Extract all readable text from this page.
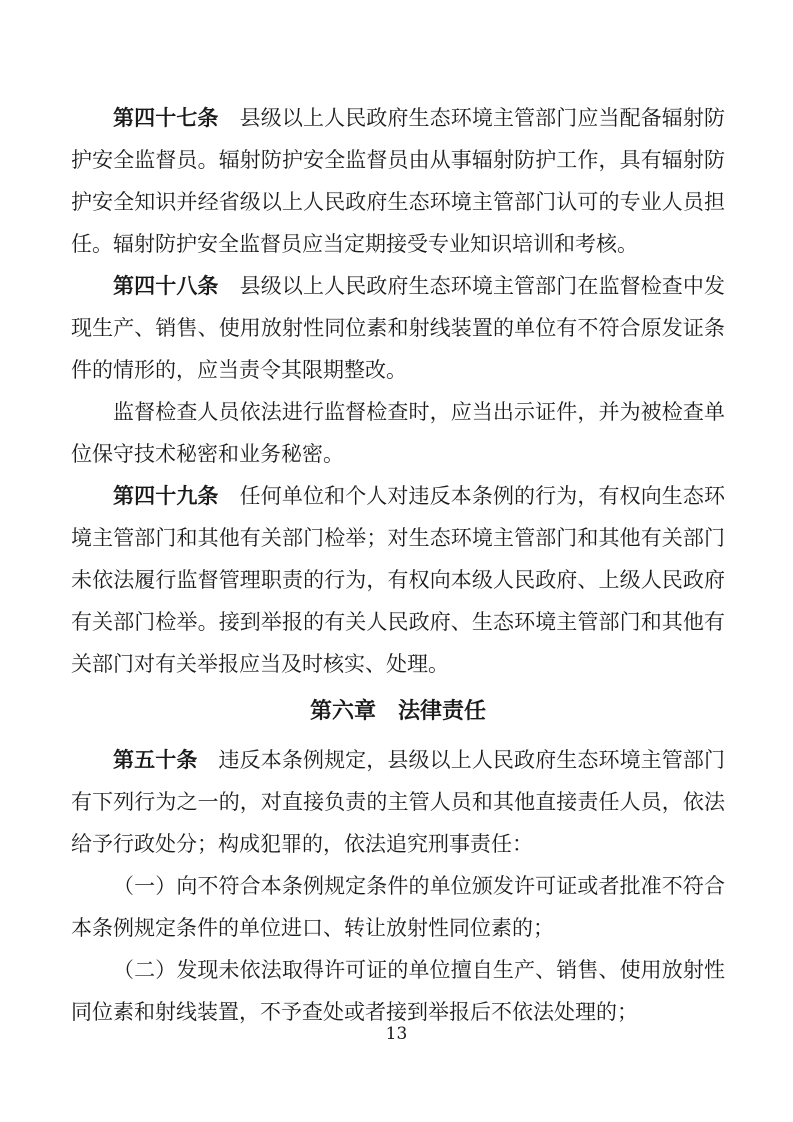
第四十七条　县级以上人民政府生态环境主管部门应当配备辐射防护安全监督员。辐射防护安全监督员由从事辐射防护工作，具有辐射防护安全知识并经省级以上人民政府生态环境主管部门认可的专业人员担任。辐射防护安全监督员应当定期接受专业知识培训和考核。

第四十八条　县级以上人民政府生态环境主管部门在监督检查中发现生产、销售、使用放射性同位素和射线装置的单位有不符合原发证条件的情形的，应当责令其限期整改。

监督检查人员依法进行监督检查时，应当出示证件，并为被检查单位保守技术秘密和业务秘密。

第四十九条　任何单位和个人对违反本条例的行为，有权向生态环境主管部门和其他有关部门检举；对生态环境主管部门和其他有关部门未依法履行监督管理职责的行为，有权向本级人民政府、上级人民政府有关部门检举。接到举报的有关人民政府、生态环境主管部门和其他有关部门对有关举报应当及时核实、处理。

第六章　法律责任

第五十条　违反本条例规定，县级以上人民政府生态环境主管部门有下列行为之一的，对直接负责的主管人员和其他直接责任人员，依法给予行政处分；构成犯罪的，依法追究刑事责任：

（一）向不符合本条例规定条件的单位颁发许可证或者批准不符合本条例规定条件的单位进口、转让放射性同位素的；

（二）发现未依法取得许可证的单位擅自生产、销售、使用放射性同位素和射线装置，不予查处或者接到举报后不依法处理的；

13
